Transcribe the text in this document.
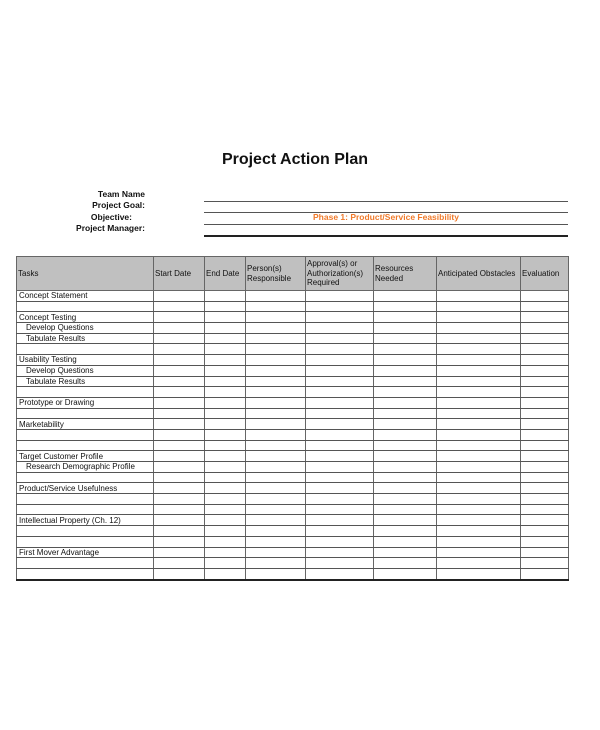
Project Action Plan
Team Name
Project Goal:
Objective:
Project Manager:
Phase 1: Product/Service Feasibility
Tasks	Start Date	End Date	Person(s) Responsible	Approval(s) or Authorization(s) Required	Resources Needed	Anticipated Obstacles	Evaluation
Concept Statement							

Concept Testing							
Develop Questions							
Tabulate Results							

Usability Testing							
Develop Questions							
Tabulate Results							

Prototype or Drawing							

Marketability							

Target Customer Profile							
Research Demographic Profile							

Product/Service Usefulness							

Intellectual Property (Ch. 12)							

First Mover Advantage							
